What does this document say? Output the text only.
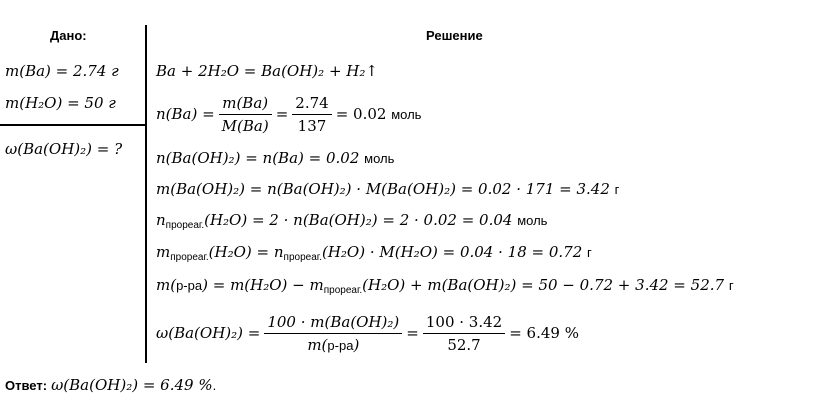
Дано:	Решение
m(Ba) = 2.74 г
m(H₂O) = 50 г
ω(Ba(OH)₂) = ?
Ba + 2H₂O = Ba(OH)₂ + H₂↑
$n(Ba) = \frac{m(Ba)}{M(Ba)} = \frac{2.74}{137} = 0.02$
моль
n(Ba(OH)₂) = n(Ba) = 0.02 моль
m(Ba(OH)₂) = n(Ba(OH)₂) · M(Ba(OH)₂) = 0.02 · 171 = 3.42 г
$n_{прореаг.}(H_2O) = 2 \cdot n(Ba(OH)_2) = 2 \cdot 0.02 = 0.04$ моль
$m_{прореаг.}(H_2O) = n_{прореаг.}(H_2O) \cdot M(H_2O) = 0.04 \cdot 18 = 0.72$ г
$m(р-ра) = m(H_2O) - m_{прореаг.}(H_2O) + m(Ba(OH)_2) = 50 - 0.72 + 3.42 = 52.7$ г
$\omega(Ba(OH)_2) = \frac{\text{100 · m(Ba(OH)₂)}}{m(р-ра)} = \frac{100 \cdot 3.42}{52.7} = 6.49$ %
Ответ: ω(Ba(OH)₂) = 6.49 % .
